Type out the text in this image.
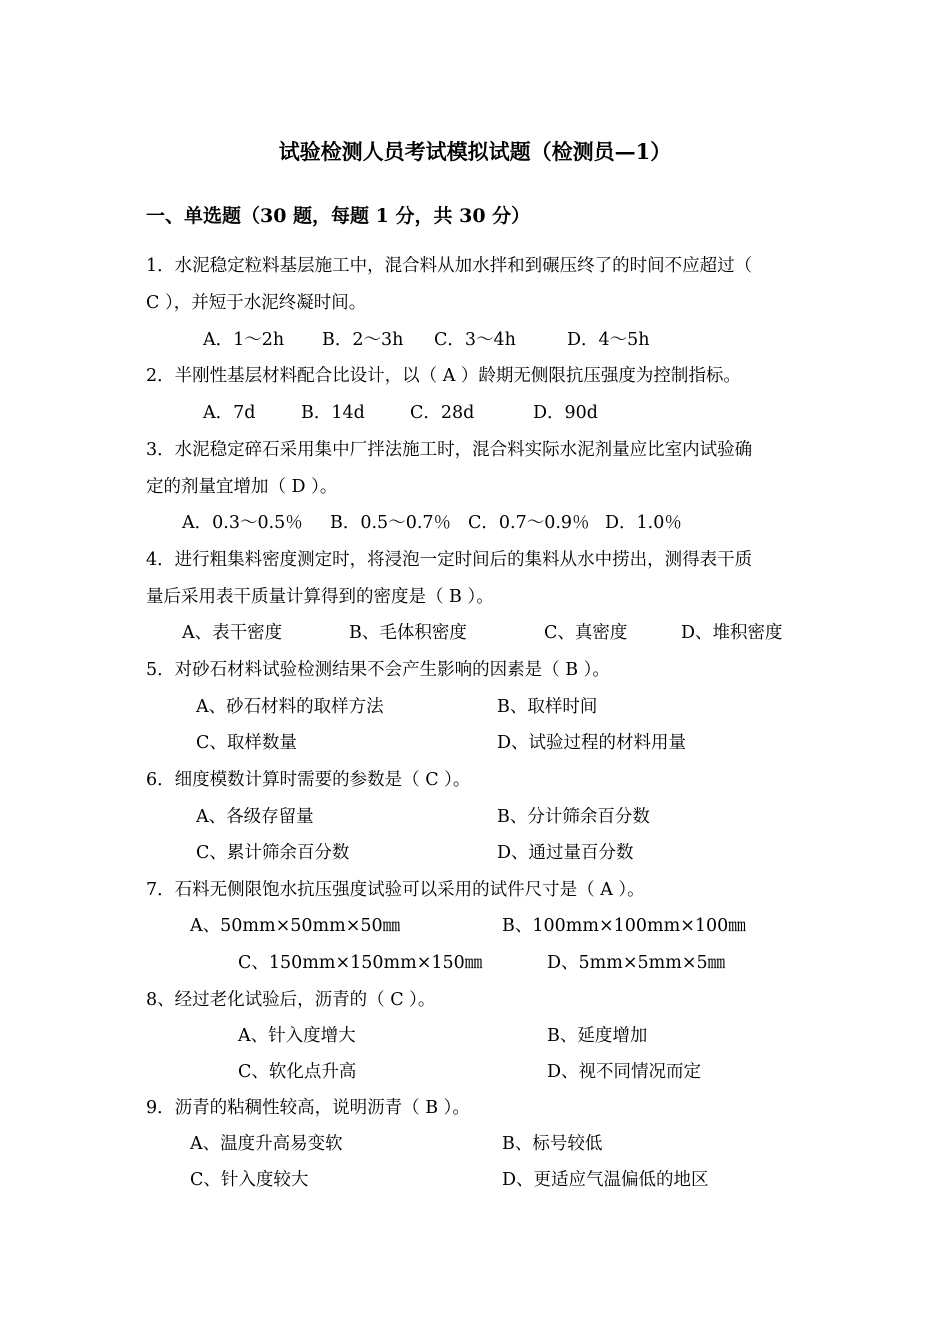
试验检测人员考试模拟试题（检测员—1）
一、单选题（30 题，每题 1 分，共 30 分）
1．水泥稳定粒料基层施工中，混合料从加水拌和到碾压终了的时间不应超过（
C ），并短于水泥终凝时间。
A．1～2h B．2～3h C．3～4h	D．4～5h
2．半刚性基层材料配合比设计，以（ A ）龄期无侧限抗压强度为控制指标。
A．7d	B．14d	C．28d	D．90d
3．水泥稳定碎石采用集中厂拌法施工时，混合料实际水泥剂量应比室内试验确
定的剂量宜增加（ D ）。
A．0.3～0.5％ B．0.5～0.7％ C．0.7～0.9％ D．1.0％
4．进行粗集料密度测定时，将浸泡一定时间后的集料从水中捞出，测得表干质
量后采用表干质量计算得到的密度是（ B ）。
A、表干密度	B、毛体积密度	C、真密度	D、堆积密度
5．对砂石材料试验检测结果不会产生影响的因素是（ B ）。
A、砂石材料的取样方法	B、取样时间
C、取样数量	D、试验过程的材料用量
6．细度模数计算时需要的参数是（ C ）。
A、各级存留量	B、分计筛余百分数
C、累计筛余百分数	D、通过量百分数
7．石料无侧限饱水抗压强度试验可以采用的试件尺寸是（ A ）。
A、50mm×50mm×50㎜	B、100mm×100mm×100㎜
C、150mm×150mm×150㎜	D、5mm×5mm×5㎜
8、经过老化试验后，沥青的（ C ）。
A、针入度增大	B、延度增加
C、软化点升高	D、视不同情况而定
9．沥青的粘稠性较高，说明沥青（ B ）。
A、温度升高易变软	B、标号较低
C、针入度较大	D、更适应气温偏低的地区
